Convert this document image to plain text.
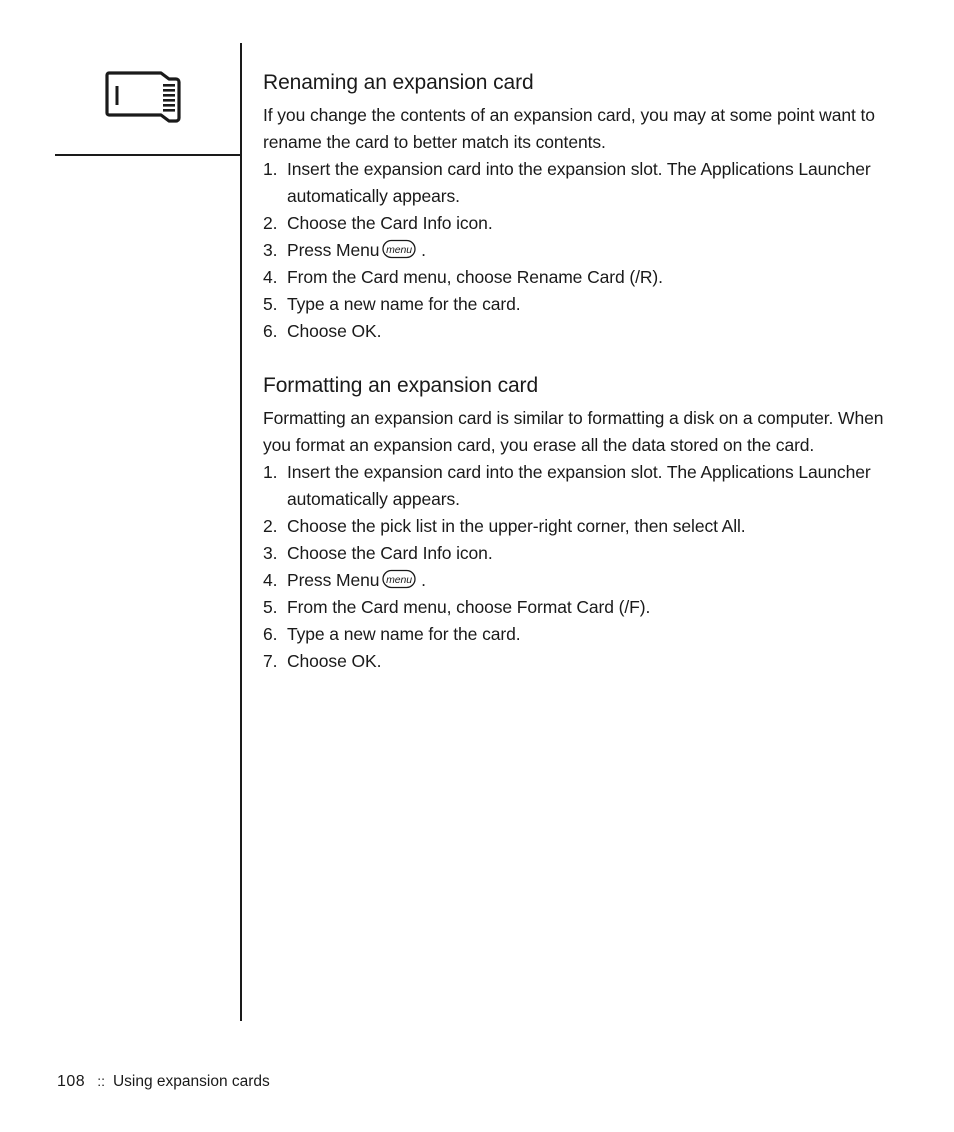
Renaming an expansion card

If you change the contents of an expansion card, you may at some point want to rename the card to better match its contents.

1. Insert the expansion card into the expansion slot. The Applications Launcher automatically appears.
2. Choose the Card Info icon.
3. Press Menu menu .
4. From the Card menu, choose Rename Card (/R).
5. Type a new name for the card.
6. Choose OK.
Formatting an expansion card

Formatting an expansion card is similar to formatting a disk on a computer. When you format an expansion card, you erase all the data stored on the card.

1. Insert the expansion card into the expansion slot. The Applications Launcher automatically appears.
2. Choose the pick list in the upper-right corner, then select All.
3. Choose the Card Info icon.
4. Press Menu menu .
5. From the Card menu, choose Format Card (/F).
6. Type a new name for the card.
7. Choose OK.
108 :: Using expansion cards
